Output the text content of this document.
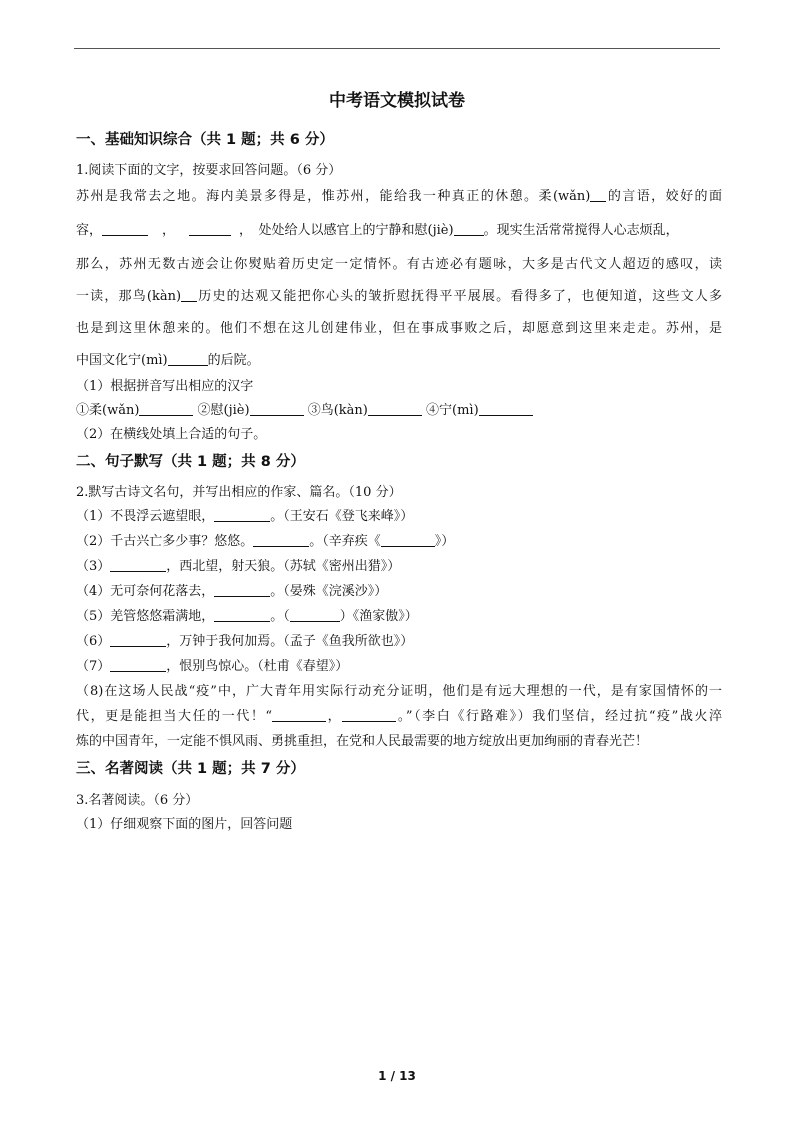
中考语文模拟试卷
一、基础知识综合（共 1 题；共 6 分）
1.阅读下面的文字，按要求回答问题。（6 分）
苏州是我常去之地。海内美景多得是，惟苏州，能给我一种真正的休憩。柔(wǎn) 的言语，姣好的面
容，	，	，　处处给人以感官上的宁静和慰(jiè) 。现实生活常常搅得人心志烦乱，
那么，苏州无数古迹会让你熨贴着历史定一定情怀。有古迹必有题咏，大多是古代文人超迈的感叹，读
一读，那鸟(kàn) 历史的达观又能把你心头的皱折慰抚得平平展展。看得多了，也便知道，这些文人多
也是到这里休憩来的。他们不想在这儿创建伟业，但在事成事败之后，却愿意到这里来走走。苏州，是
中国文化宁(mì)	的后院。
（1）根据拼音写出相应的汉字
①柔(wǎn)	②慰(jiè)	③鸟(kàn)	④宁(mì)
（2）在横线处填上合适的句子。
二、句子默写（共 1 题；共 8 分）
2.默写古诗文名句，并写出相应的作家、篇名。（10 分）
（1）不畏浮云遮望眼，	。（王安石《登飞来峰》）
（2）千古兴亡多少事？悠悠。	。（辛弃疾《	》）
（3）	，西北望，射天狼。（苏轼《密州出猎》）
（4）无可奈何花落去，	。（晏殊《浣溪沙》）
（5）羌管悠悠霜满地，	。（	）《渔家傲》）
（6）	，万钟于我何加焉。（孟子《鱼我所欲也》）
（7）	，恨别鸟惊心。（杜甫《春望》）
（8)在这场人民战“疫”中，广大青年用实际行动充分证明，他们是有远大理想的一代，是有家国情怀的一
代，更是能担当大任的一代！“	，	。”（李白《行路难》）我们坚信，经过抗“疫”战火淬
炼的中国青年，一定能不惧风雨、勇挑重担，在党和人民最需要的地方绽放出更加绚丽的青春光芒！
三、名著阅读（共 1 题；共 7 分）
3.名著阅读。（6 分）
（1）仔细观察下面的图片，回答问题
1 / 13
